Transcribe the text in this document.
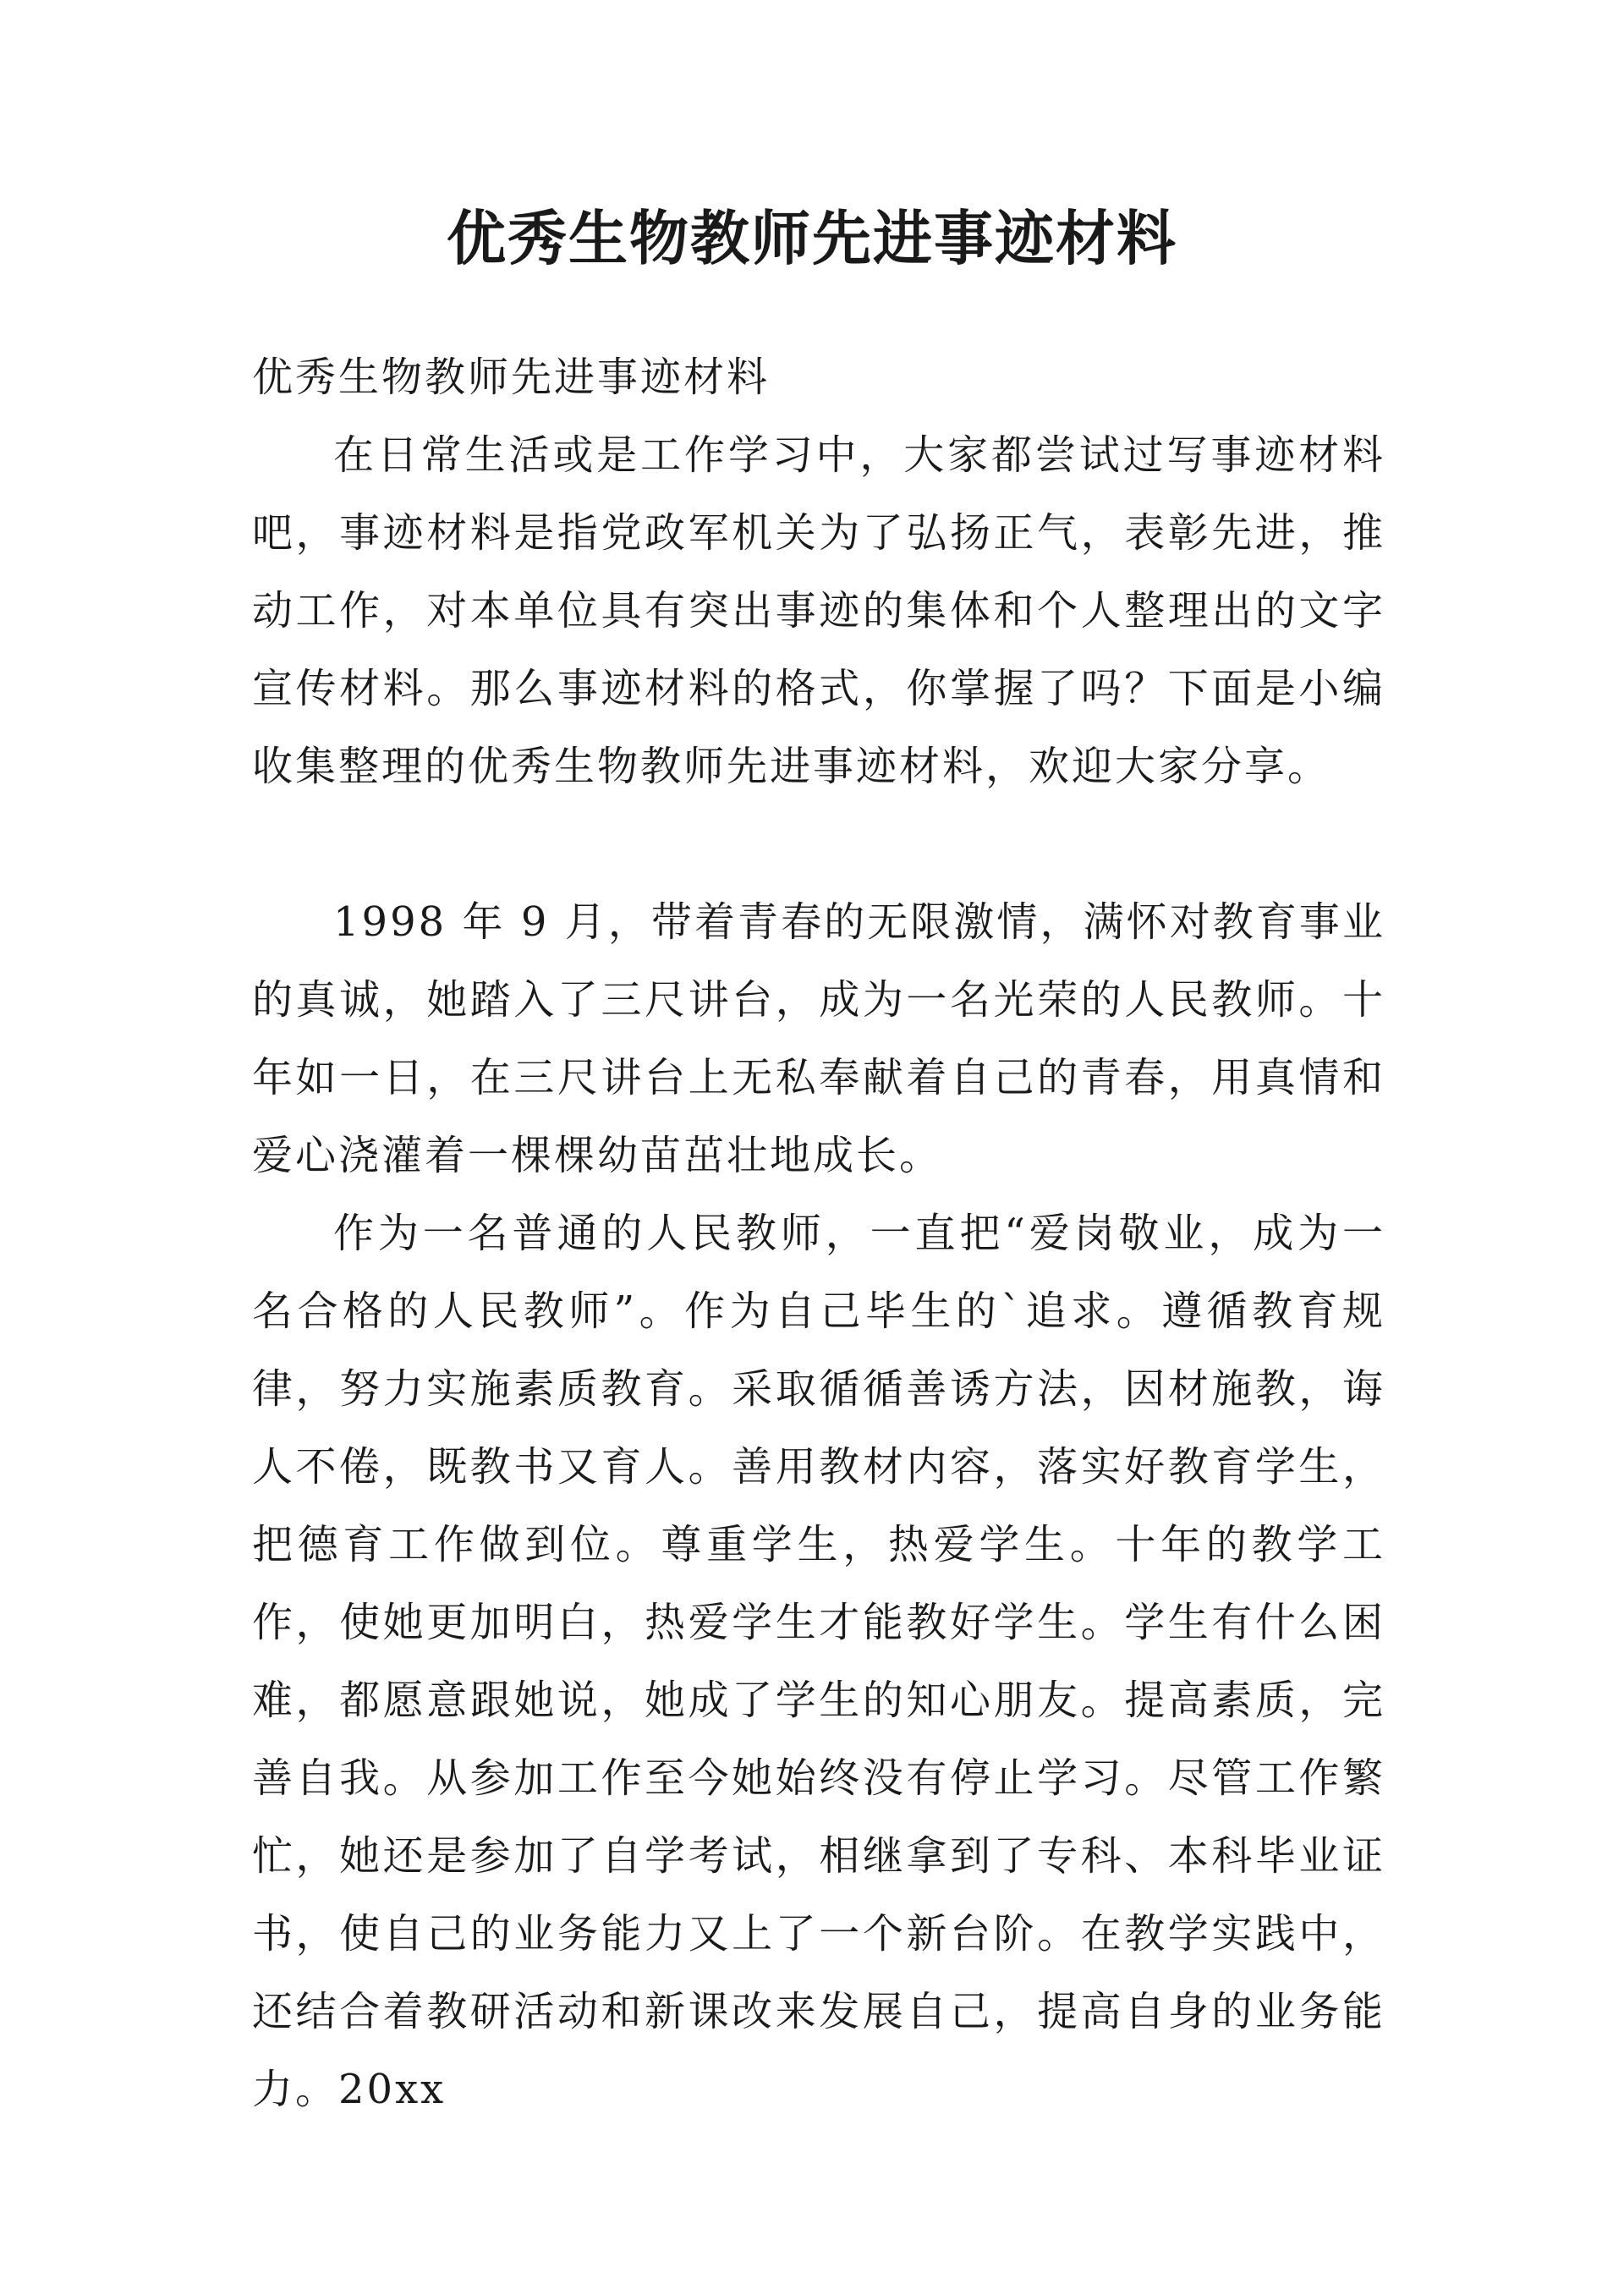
优秀生物教师先进事迹材料

优秀生物教师先进事迹材料

在日常生活或是工作学习中，大家都尝试过写事迹材料吧，事迹材料是指党政军机关为了弘扬正气，表彰先进，推动工作，对本单位具有突出事迹的集体和个人整理出的文字宣传材料。那么事迹材料的格式，你掌握了吗？下面是小编收集整理的优秀生物教师先进事迹材料，欢迎大家分享。

1998 年 9 月，带着青春的无限激情，满怀对教育事业的真诚，她踏入了三尺讲台，成为一名光荣的人民教师。十年如一日，在三尺讲台上无私奉献着自己的青春，用真情和爱心浇灌着一棵棵幼苗茁壮地成长。

作为一名普通的人民教师，一直把“爱岗敬业，成为一名合格的人民教师”。作为自己毕生的`追求。遵循教育规律，努力实施素质教育。采取循循善诱方法，因材施教，诲人不倦，既教书又育人。善用教材内容，落实好教育学生，把德育工作做到位。尊重学生，热爱学生。十年的教学工作，使她更加明白，热爱学生才能教好学生。学生有什么困难，都愿意跟她说，她成了学生的知心朋友。提高素质，完善自我。从参加工作至今她始终没有停止学习。尽管工作繁忙，她还是参加了自学考试，相继拿到了专科、本科毕业证书，使自己的业务能力又上了一个新台阶。在教学实践中，还结合着教研活动和新课改来发展自己，提高自身的业务能力。20xx
